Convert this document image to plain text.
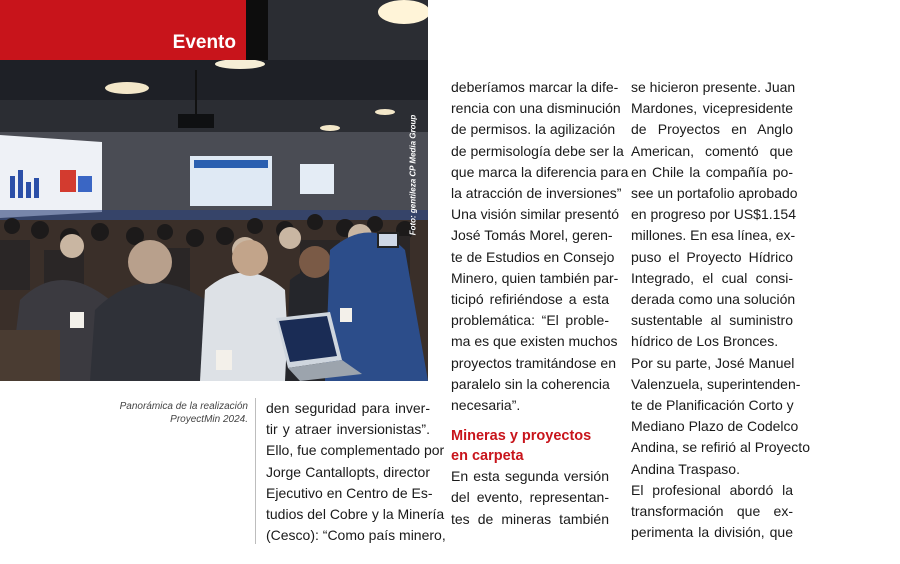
Foto: gentileza CP Media Group
Evento
Panorámica de la realización
ProyectMin 2024.
den seguridad para inver-
tir y atraer inversionistas”.
Ello, fue complementado por
Jorge Cantallopts, director
Ejecutivo en Centro de Es-
tudios del Cobre y la Minería
(Cesco): “Como país minero,
deberíamos marcar la dife-
rencia con una disminución
de permisos. la agilización
de permisología debe ser la
que marca la diferencia para
la atracción de inversiones”
Una visión similar presentó
José Tomás Morel, geren-
te de Estudios en Consejo
Minero, quien también par-
ticipó refiriéndose a esta
problemática: “El proble-
ma es que existen muchos
proyectos tramitándose en
paralelo sin la coherencia
necesaria”.
Mineras y proyectos
en carpeta
En esta segunda versión
del evento, representan-
tes de mineras también
se hicieron presente. Juan
Mardones, vicepresidente
de Proyectos en Anglo
American, comentó que
en Chile la compañía po-
see un portafolio aprobado
en progreso por US$1.154
millones. En esa línea, ex-
puso el Proyecto Hídrico
Integrado, el cual consi-
derada como una solución
sustentable al suministro
hídrico de Los Bronces.
Por su parte, José Manuel
Valenzuela, superintenden-
te de Planificación Corto y
Mediano Plazo de Codelco
Andina, se refirió al Proyecto
Andina Traspaso.
El profesional abordó la
transformación que ex-
perimenta la división, que
